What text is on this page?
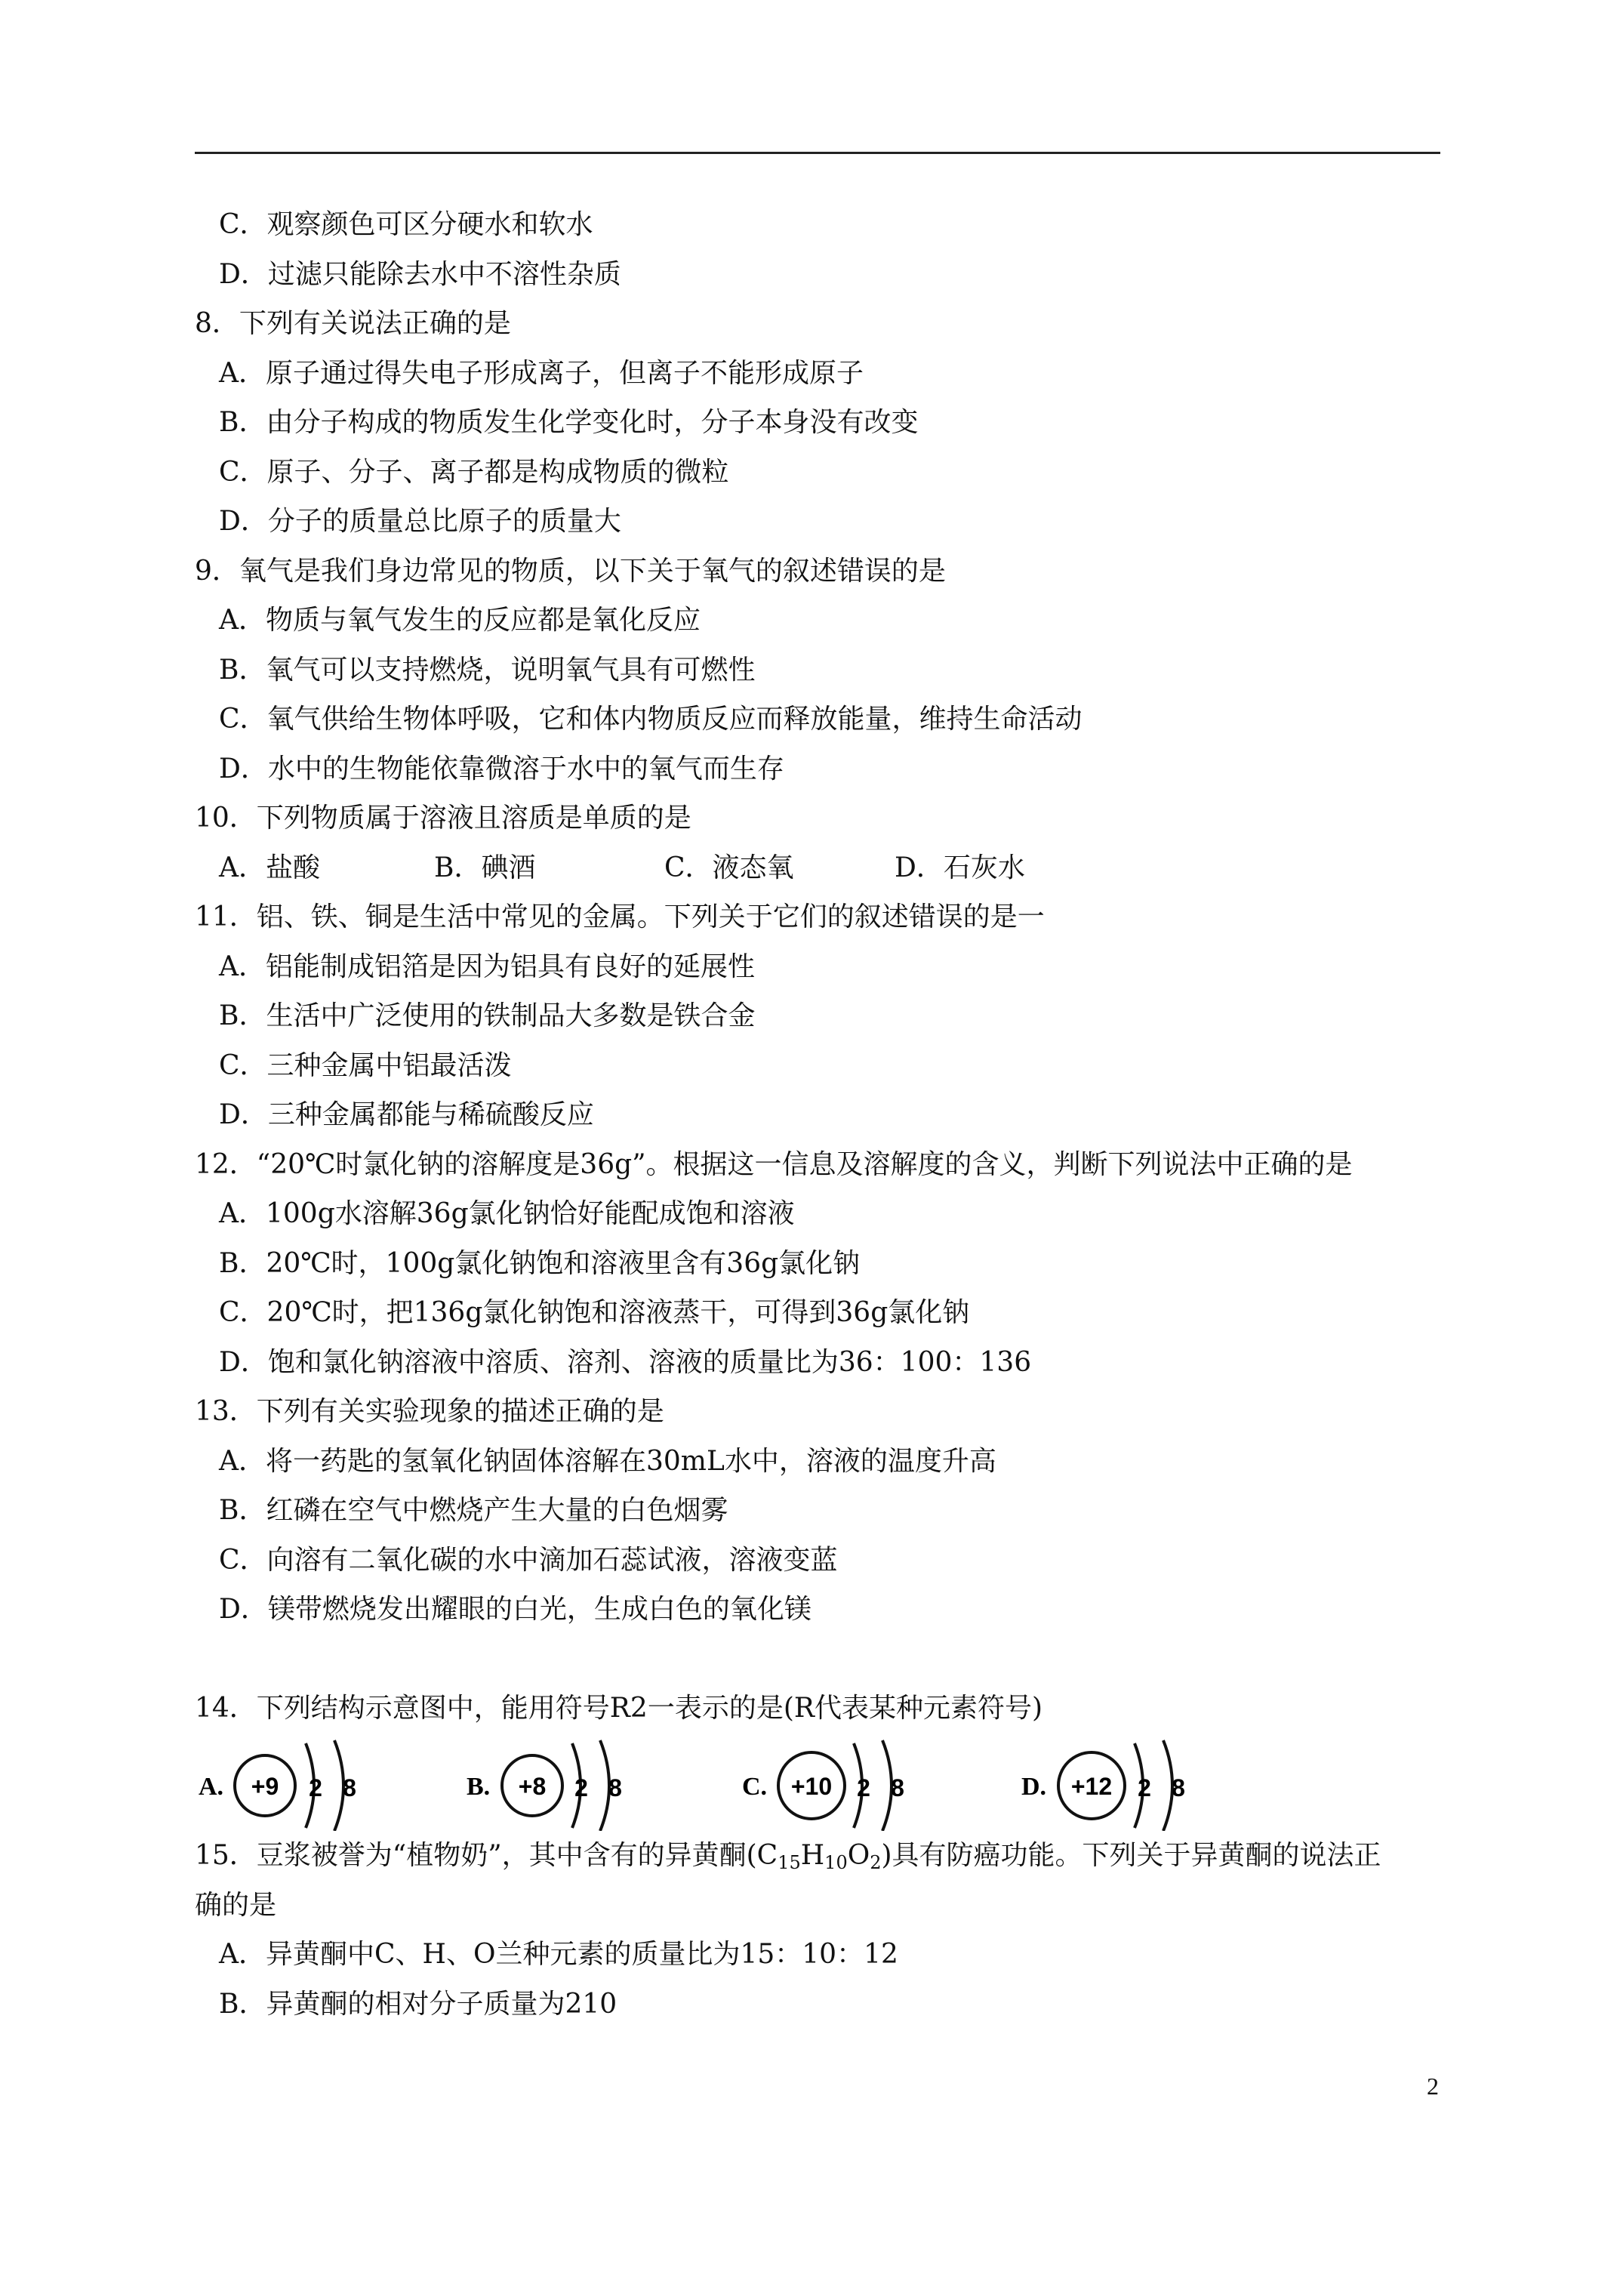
C．观察颜色可区分硬水和软水
D．过滤只能除去水中不溶性杂质
8．下列有关说法正确的是
A．原子通过得失电子形成离子，但离子不能形成原子
B．由分子构成的物质发生化学变化时，分子本身没有改变
C．原子、分子、离子都是构成物质的微粒
D．分子的质量总比原子的质量大
9．氧气是我们身边常见的物质，以下关于氧气的叙述错误的是
A．物质与氧气发生的反应都是氧化反应
B．氧气可以支持燃烧，说明氧气具有可燃性
C．氧气供给生物体呼吸，它和体内物质反应而释放能量，维持生命活动
D．水中的生物能依靠微溶于水中的氧气而生存
10．下列物质属于溶液且溶质是单质的是
A．盐酸	B．碘酒	C．液态氧	D．石灰水
11．铝、铁、铜是生活中常见的金属。下列关于它们的叙述错误的是一
A．铝能制成铝箔是因为铝具有良好的延展性
B．生活中广泛使用的铁制品大多数是铁合金
C．三种金属中铝最活泼
D．三种金属都能与稀硫酸反应
12．“20℃时氯化钠的溶解度是36g”。根据这一信息及溶解度的含义，判断下列说法中正确的是
A．100g水溶解36g氯化钠恰好能配成饱和溶液
B．20℃时，100g氯化钠饱和溶液里含有36g氯化钠
C．20℃时，把136g氯化钠饱和溶液蒸干，可得到36g氯化钠
D．饱和氯化钠溶液中溶质、溶剂、溶液的质量比为36：100：136
13．下列有关实验现象的描述正确的是
A．将一药匙的氢氧化钠固体溶解在30mL水中，溶液的温度升高
B．红磷在空气中燃烧产生大量的白色烟雾
C．向溶有二氧化碳的水中滴加石蕊试液，溶液变蓝
D．镁带燃烧发出耀眼的白光，生成白色的氧化镁
14．下列结构示意图中，能用符号R2一表示的是(R代表某种元素符号)
A. +9 2 8	B. +8 2 8	C. +10 2 8	D. +12 2 8
15．豆浆被誉为“植物奶”，其中含有的异黄酮$(C_{15}H_{10}O_2)$具有防癌功能。下列关于异黄酮的说法正
确的是
A．异黄酮中C、H、O兰种元素的质量比为15：10：12
B．异黄酮的相对分子质量为210
2
